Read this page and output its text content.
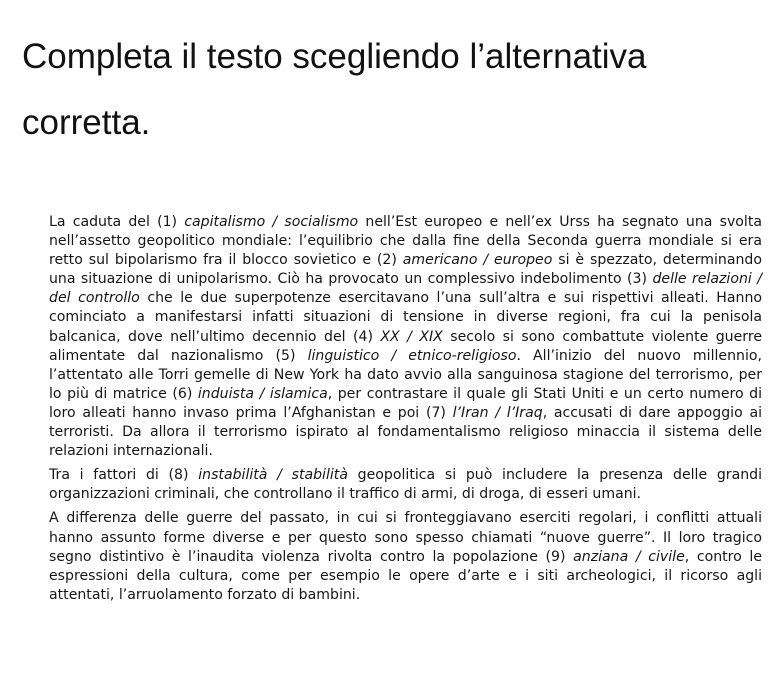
Completa il testo scegliendo l’alternativa corretta.

La caduta del (1) capitalismo / socialismo nell’Est europeo e nell’ex Urss ha segnato una svolta nell’assetto geopolitico mondiale: l’equilibrio che dalla fine della Seconda guerra mondiale si era retto sul bipolarismo fra il blocco sovietico e (2) americano / europeo si è spezzato, determinando una situazione di unipolarismo. Ciò ha provocato un complessivo indebolimento (3) delle relazioni / del controllo che le due superpotenze esercitavano l’una sull’altra e sui rispettivi alleati. Hanno cominciato a manifestarsi infatti situazioni di tensione in diverse regioni, fra cui la penisola balcanica, dove nell’ultimo decennio del (4) XX / XIX secolo si sono combattute violente guerre alimentate dal nazionalismo (5) linguistico / etnico-religioso. All’inizio del nuovo millennio, l’attentato alle Torri gemelle di New York ha dato avvio alla sanguinosa stagione del terrorismo, per lo più di matrice (6) induista / islamica, per contrastare il quale gli Stati Uniti e un certo numero di loro alleati hanno invaso prima l’Afghanistan e poi (7) l’Iran / l’Iraq, accusati di dare appoggio ai terroristi. Da allora il terrorismo ispirato al fondamentalismo religioso minaccia il sistema delle relazioni internazionali.

Tra i fattori di (8) instabilità / stabilità geopolitica si può includere la presenza delle grandi organizzazioni criminali, che controllano il traffico di armi, di droga, di esseri umani.

A differenza delle guerre del passato, in cui si fronteggiavano eserciti regolari, i conflitti attuali hanno assunto forme diverse e per questo sono spesso chiamati “nuove guerre”. Il loro tragico segno distintivo è l’inaudita violenza rivolta contro la popolazione (9) anziana / civile, contro le espressioni della cultura, come per esempio le opere d’arte e i siti archeologici, il ricorso agli attentati, l’arruolamento forzato di bambini.
